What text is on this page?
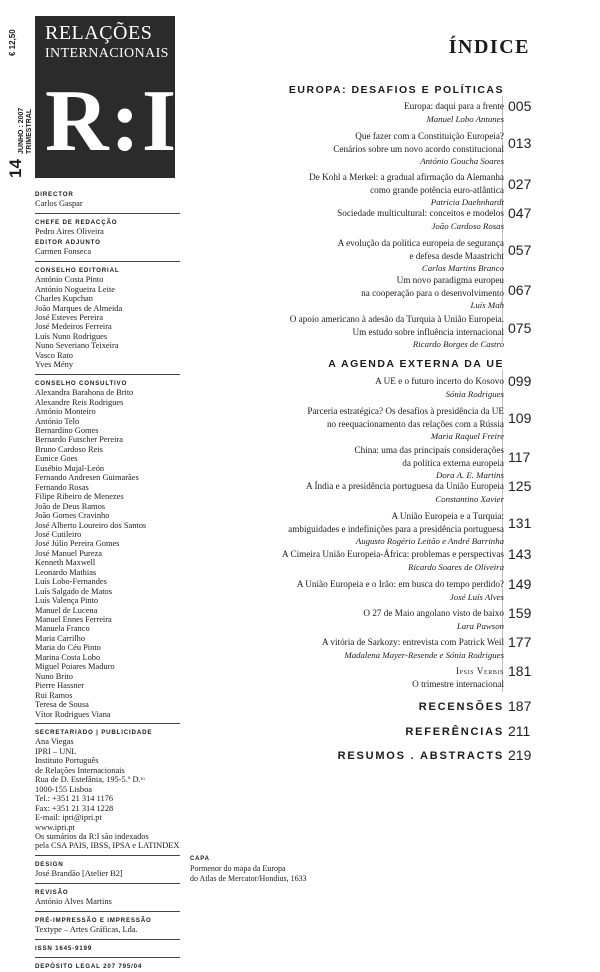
€ 12,50
14
JUNHO : 2007 TRIMESTRAL
RELAÇÕES
INTERNACIONAIS
R:I
DIRECTOR
Carlos Gaspar
CHEFE DE REDACÇÃO
Pedro Aires Oliveira
EDITOR ADJUNTO
Carmen Fonseca
CONSELHO EDITORIAL
António Costa Pinto
António Nogueira Leite
Charles Kupchan
João Marques de Almeida
José Esteves Pereira
José Medeiros Ferreira
Luís Nuno Rodrigues
Nuno Severiano Teixeira
Vasco Rato
Yves Mény
CONSELHO CONSULTIVO
Alexandra Barahona de Brito
Alexandre Reis Rodrigues
António Monteiro
António Telo
Bernardino Gomes
Bernardo Futscher Pereira
Bruno Cardoso Reis
Eunice Goes
Eusébio Mujal-León
Fernando Andresen Guimarães
Fernando Rosas
Filipe Ribeiro de Menezes
João de Deus Ramos
João Gomes Cravinho
José Alberto Loureiro dos Santos
José Cutileiro
José Júlio Pereira Gomes
José Manuel Pureza
Kenneth Maxwell
Leonardo Mathias
Luís Lobo-Fernandes
Luís Salgado de Matos
Luís Valença Pinto
Manuel de Lucena
Manuel Ennes Ferreira
Manuela Franco
Maria Carrilho
Maria do Céu Pinto
Marina Costa Lobo
Miguel Poiares Maduro
Nuno Brito
Pierre Hassner
Rui Ramos
Teresa de Sousa
Vítor Rodrigues Viana
SECRETARIADO | PUBLICIDADE
Ana Viegas
IPRI – UNL
Instituto Português
de Relações Internacionais
Rua de D. Estefânia, 195-5.º D.ᵗᵒ
1000-155 Lisboa
Tel.: +351 21 314 1176
Fax: +351 21 314 1228
E-mail: ipri@ipri.pt
www.ipri.pt
Os sumários da R:I são indexados
pela CSA PAIS, IBSS, IPSA e LATINDEX
DESIGN
José Brandão [Atelier B2]
REVISÃO
António Alves Martins
PRÉ-IMPRESSÃO E IMPRESSÃO
Textype – Artes Gráficas, Lda.
ISSN 1645-9199
DEPÓSITO LEGAL 207 795/04
CAPA
Pormenor do mapa da Europa
do Atlas de Mercator/Hondius, 1633
ÍNDICE
EUROPA: DESAFIOS E POLÍTICAS
Europa: daqui para a frente
Manuel Lobo Antunes
005
Que fazer com a Constituição Europeia?
Cenários sobre um novo acordo constitucional
António Goucha Soares
013
De Kohl a Merkel: a gradual afirmação da Alemanha
como grande potência euro-atlântica
Patricia Daehnhardt
027
Sociedade multicultural: conceitos e modelos
João Cardoso Rosas
047
A evolução da política europeia de segurança
e defesa desde Maastricht
Carlos Martins Branco
057
Um novo paradigma europeu
na cooperação para o desenvolvimento
Luís Mah
067
O apoio americano à adesão da Turquia à União Europeia.
Um estudo sobre influência internacional
Ricardo Borges de Castro
075
A AGENDA EXTERNA DA UE
A UE e o futuro incerto do Kosovo
Sónia Rodrigues
099
Parceria estratégica? Os desafios à presidência da UE
no reequacionamento das relações com a Rússia
Maria Raquel Freire
109
China: uma das principais considerações
da política externa europeia
Dora A. E. Martins
117
A Índia e a presidência portuguesa da União Europeia
Constantino Xavier
125
A União Europeia e a Turquia:
ambiguidades e indefinições para a presidência portuguesa
Augusto Rogério Leitão e André Barrinha
131
A Cimeira União Europeia-África: problemas e perspectivas
Ricardo Soares de Oliveira
143
A União Europeia e o Irão: em busca do tempo perdido?
José Luís Alves
149
O 27 de Maio angolano visto de baixo
Lara Pawson
159
A vitória de Sarkozy: entrevista com Patrick Weil
Madalena Mayer-Resende e Sónia Rodrigues
177
Ipsis Verbis
O trimestre internacional
181
RECENSÕES 187
REFERÊNCIAS 211
RESUMOS . ABSTRACTS 219
